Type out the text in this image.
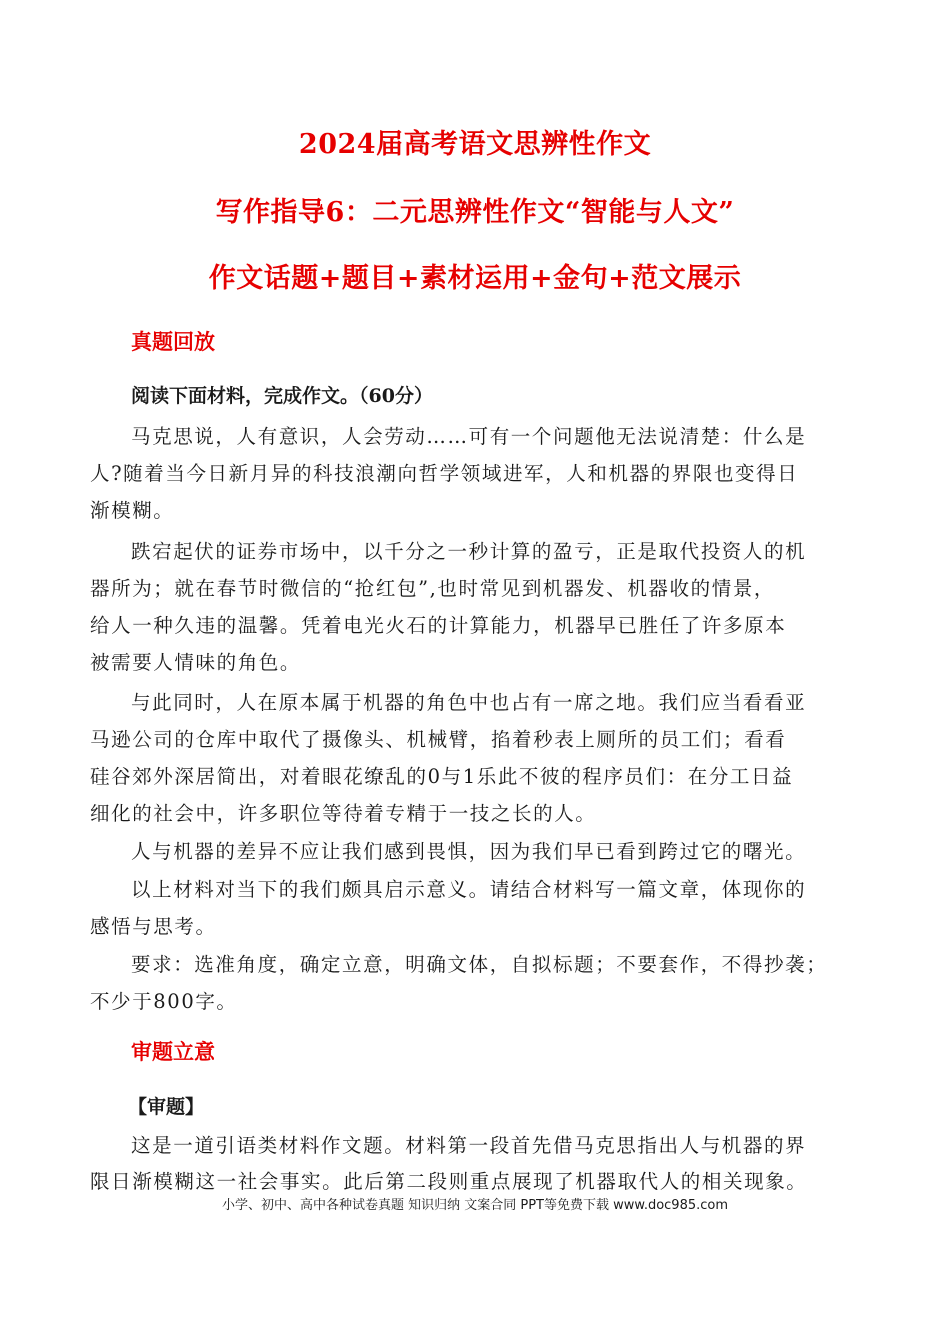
2024届高考语文思辨性作文
写作指导6：二元思辨性作文“智能与人文”
作文话题+题目+素材运用+金句+范文展示
真题回放
阅读下面材料，完成作文。（60分）
马克思说，人有意识，人会劳动……可有一个问题他无法说清楚：什么是
人?随着当今日新月异的科技浪潮向哲学领域进军，人和机器的界限也变得日
渐模糊。
跌宕起伏的证券市场中，以千分之一秒计算的盈亏，正是取代投资人的机
器所为；就在春节时微信的“抢红包”,也时常见到机器发、机器收的情景，
给人一种久违的温馨。凭着电光火石的计算能力，机器早已胜任了许多原本
被需要人情味的角色。
与此同时，人在原本属于机器的角色中也占有一席之地。我们应当看看亚
马逊公司的仓库中取代了摄像头、机械臂，掐着秒表上厕所的员工们；看看
硅谷郊外深居简出，对着眼花缭乱的0与1乐此不彼的程序员们：在分工日益
细化的社会中，许多职位等待着专精于一技之长的人。
人与机器的差异不应让我们感到畏惧，因为我们早已看到跨过它的曙光。
以上材料对当下的我们颇具启示意义。请结合材料写一篇文章，体现你的
感悟与思考。
要求：选准角度，确定立意，明确文体，自拟标题；不要套作，不得抄袭；
不少于800字。
审题立意
【审题】
这是一道引语类材料作文题。材料第一段首先借马克思指出人与机器的界
限日渐模糊这一社会事实。此后第二段则重点展现了机器取代人的相关现象。
小学、初中、高中各种试卷真题 知识归纳 文案合同 PPT等免费下载 www.doc985.com
